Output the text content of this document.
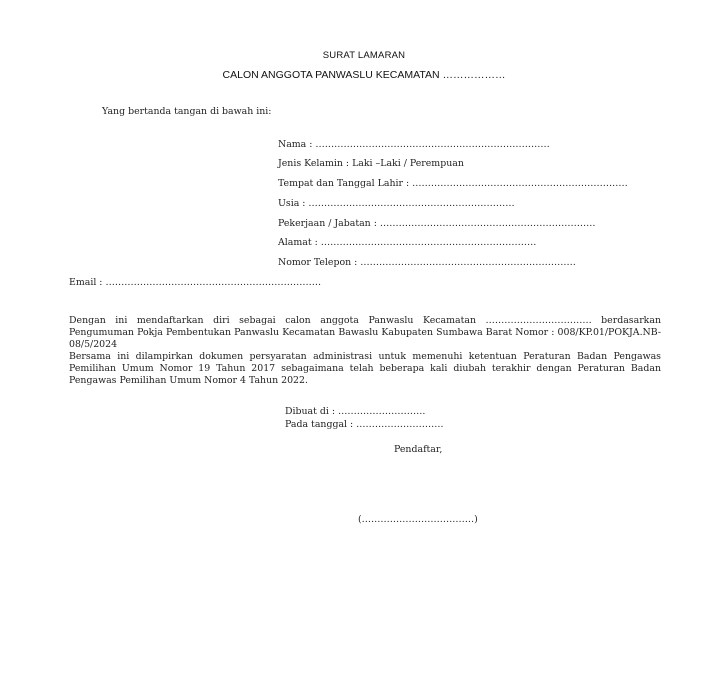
SURAT LAMARAN
CALON ANGGOTA PANWASLU KECAMATAN ………………
Yang bertanda tangan di bawah ini:
Nama : …………………………………………………………………
Jenis Kelamin : Laki –Laki / Perempuan
Tempat dan Tanggal Lahir : ……………………………………………………………
Usia : …………………………………………………………
Pekerjaan / Jabatan : ……………………………………………………………
Alamat : ……………………………………………………………
Nomor Telepon : ……………………………………………………………
Email : ……………………………………………………………
Dengan ini mendaftarkan diri sebagai calon anggota Panwaslu Kecamatan ……………………………. berdasarkan Pengumuman Pokja Pembentukan Panwaslu Kecamatan Bawaslu Kabupaten Sumbawa Barat Nomor : 008/KP.01/POKJA.NB-08/5/2024
Bersama ini dilampirkan dokumen persyaratan administrasi untuk memenuhi ketentuan Peraturan Badan Pengawas Pemilihan Umum Nomor 19 Tahun 2017 sebagaimana telah beberapa kali diubah terakhir dengan Peraturan Badan Pengawas Pemilihan Umum Nomor 4 Tahun 2022.
Dibuat di : ……………………….
Pada tanggal : ……………………….
Pendaftar,
(………………………………)
